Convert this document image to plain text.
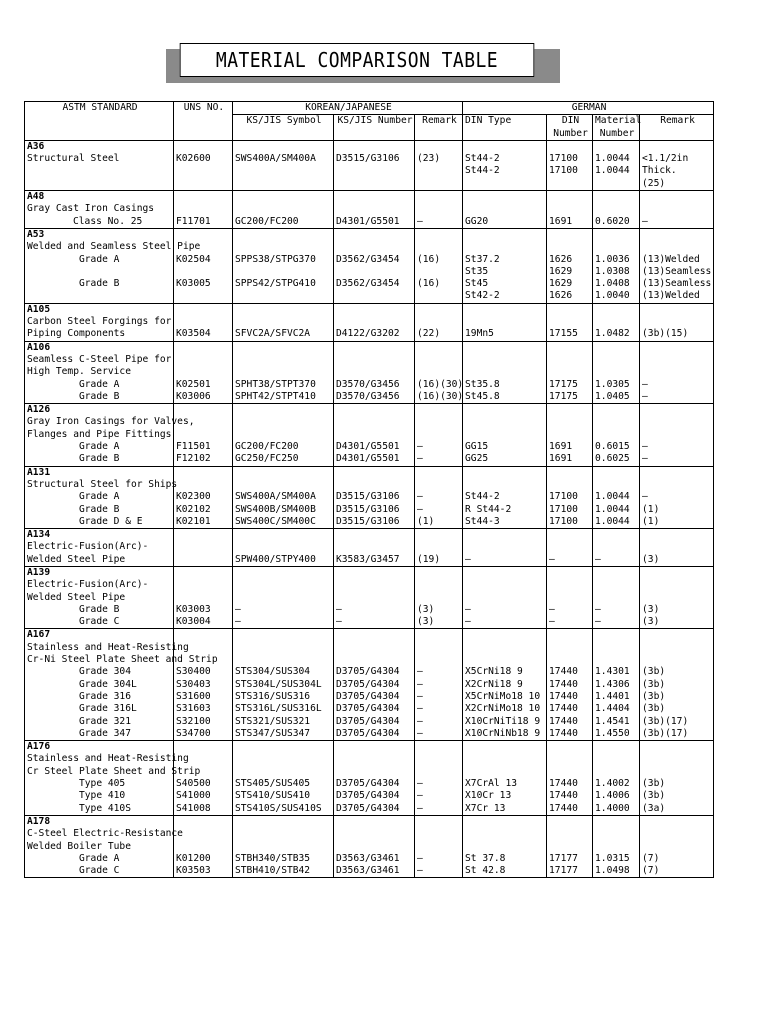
MATERIAL COMPARISON TABLE
ASTM STANDARD	UNS NO.	KOREAN/JAPANESE			GERMAN			
		KS/JIS Symbol	KS/JIS Number	Remark	DIN Type	DIN	Material	Remark
						Number	Number	
A36								
Structural Steel	K02600	SWS400A/SM400A	D3515/G3106	(23)	St44-2	17100	1.0044	<1.1/2in
					St44-2	17100	1.0044	Thick.
								(25)
A48								
Gray Cast Iron Casings								
Class No. 25	F11701	GC200/FC200	D4301/G5501	–	GG20	1691	0.6020	–
A53								
Welded and Seamless Steel Pipe								
Grade A	K02504	SPPS38/STPG370	D3562/G3454	(16)	St37.2	1626	1.0036	(13)Welded
					St35	1629	1.0308	(13)Seamless
Grade B	K03005	SPPS42/STPG410	D3562/G3454	(16)	St45	1629	1.0408	(13)Seamless
					St42-2	1626	1.0040	(13)Welded
A105								
Carbon Steel Forgings for								
Piping Components	K03504	SFVC2A/SFVC2A	D4122/G3202	(22)	19Mn5	17155	1.0482	(3b)(15)
A106								
Seamless C-Steel Pipe for								
High Temp. Service								
Grade A	K02501	SPHT38/STPT370	D3570/G3456	(16)(30)	St35.8	17175	1.0305	–
Grade B	K03006	SPHT42/STPT410	D3570/G3456	(16)(30)	St45.8	17175	1.0405	–
A126								
Gray Iron Casings for Valves,								
Flanges and Pipe Fittings								
Grade A	F11501	GC200/FC200	D4301/G5501	–	GG15	1691	0.6015	–
Grade B	F12102	GC250/FC250	D4301/G5501	–	GG25	1691	0.6025	–
A131								
Structural Steel for Ships								
Grade A	K02300	SWS400A/SM400A	D3515/G3106	–	St44-2	17100	1.0044	–
Grade B	K02102	SWS400B/SM400B	D3515/G3106	–	R St44-2	17100	1.0044	(1)
Grade D & E	K02101	SWS400C/SM400C	D3515/G3106	(1)	St44-3	17100	1.0044	(1)
A134								
Electric-Fusion(Arc)-								
Welded Steel Pipe		SPW400/STPY400	K3583/G3457	(19)	–	–	–	(3)
A139								
Electric-Fusion(Arc)-								
Welded Steel Pipe								
Grade B	K03003	–	–	(3)	–	–	–	(3)
Grade C	K03004	–	–	(3)	–	–	–	(3)
A167								
Stainless and Heat-Resisting								
Cr-Ni Steel Plate Sheet and Strip								
Grade 304	S30400	STS304/SUS304	D3705/G4304	–	X5CrNi18 9	17440	1.4301	(3b)
Grade 304L	S30403	STS304L/SUS304L	D3705/G4304	–	X2CrNi18 9	17440	1.4306	(3b)
Grade 316	S31600	STS316/SUS316	D3705/G4304	–	X5CrNiMo18 10	17440	1.4401	(3b)
Grade 316L	S31603	STS316L/SUS316L	D3705/G4304	–	X2CrNiMo18 10	17440	1.4404	(3b)
Grade 321	S32100	STS321/SUS321	D3705/G4304	–	X10CrNiTi18 9	17440	1.4541	(3b)(17)
Grade 347	S34700	STS347/SUS347	D3705/G4304	–	X10CrNiNb18 9	17440	1.4550	(3b)(17)
A176								
Stainless and Heat-Resisting								
Cr Steel Plate Sheet and Strip								
Type 405	S40500	STS405/SUS405	D3705/G4304	–	X7CrAl 13	17440	1.4002	(3b)
Type 410	S41000	STS410/SUS410	D3705/G4304	–	X10Cr 13	17440	1.4006	(3b)
Type 410S	S41008	STS410S/SUS410S	D3705/G4304	–	X7Cr 13	17440	1.4000	(3a)
A178								
C-Steel Electric-Resistance								
Welded Boiler Tube								
Grade A	K01200	STBH340/STB35	D3563/G3461	–	St 37.8	17177	1.0315	(7)
Grade C	K03503	STBH410/STB42	D3563/G3461	–	St 42.8	17177	1.0498	(7)
